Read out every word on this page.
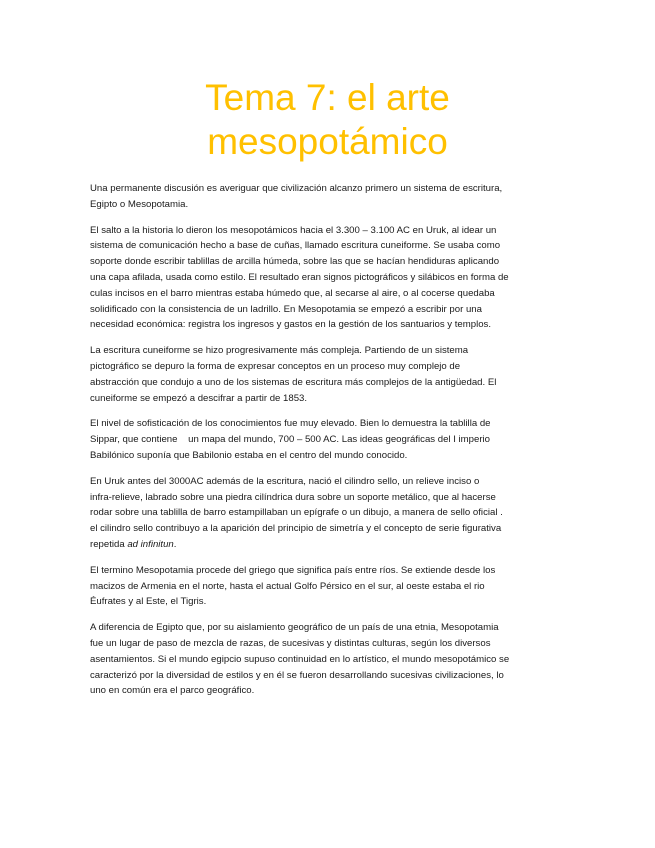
Tema 7: el arte
mesopotámico

Una permanente discusión es averiguar que civilización alcanzo primero un sistema de escritura,
Egipto o Mesopotamia.

El salto a la historia lo dieron los mesopotámicos hacia el 3.300 – 3.100 AC en Uruk, al idear un
sistema de comunicación hecho a base de cuñas, llamado escritura cuneiforme. Se usaba como
soporte donde escribir tablillas de arcilla húmeda, sobre las que se hacían hendiduras aplicando
una capa afilada, usada como estilo. El resultado eran signos pictográficos y silábicos en forma de
culas incisos en el barro mientras estaba húmedo que, al secarse al aire, o al cocerse quedaba
solidificado con la consistencia de un ladrillo. En Mesopotamia se empezó a escribir por una
necesidad económica: registra los ingresos y gastos en la gestión de los santuarios y templos.

La escritura cuneiforme se hizo progresivamente más compleja. Partiendo de un sistema
pictográfico se depuro la forma de expresar conceptos en un proceso muy complejo de
abstracción que condujo a uno de los sistemas de escritura más complejos de la antigüedad. El
cuneiforme se empezó a descifrar a partir de 1853.

El nivel de sofisticación de los conocimientos fue muy elevado. Bien lo demuestra la tablilla de
Sippar, que contiene    un mapa del mundo, 700 – 500 AC. Las ideas geográficas del I imperio
Babilónico suponía que Babilonio estaba en el centro del mundo conocido.

En Uruk antes del 3000AC además de la escritura, nació el cilindro sello, un relieve inciso o
infra-relieve, labrado sobre una piedra cilíndrica dura sobre un soporte metálico, que al hacerse
rodar sobre una tablilla de barro estampillaban un epígrafe o un dibujo, a manera de sello oficial .
el cilindro sello contribuyo a la aparición del principio de simetría y el concepto de serie figurativa
repetida ad infinitun.

El termino Mesopotamia procede del griego que significa país entre ríos. Se extiende desde los
macizos de Armenia en el norte, hasta el actual Golfo Pérsico en el sur, al oeste estaba el rio
Éufrates y al Este, el Tigris.

A diferencia de Egipto que, por su aislamiento geográfico de un país de una etnia, Mesopotamia
fue un lugar de paso de mezcla de razas, de sucesivas y distintas culturas, según los diversos
asentamientos. Si el mundo egipcio supuso continuidad en lo artístico, el mundo mesopotámico se
caracterizó por la diversidad de estilos y en él se fueron desarrollando sucesivas civilizaciones, lo
uno en común era el parco geográfico.
